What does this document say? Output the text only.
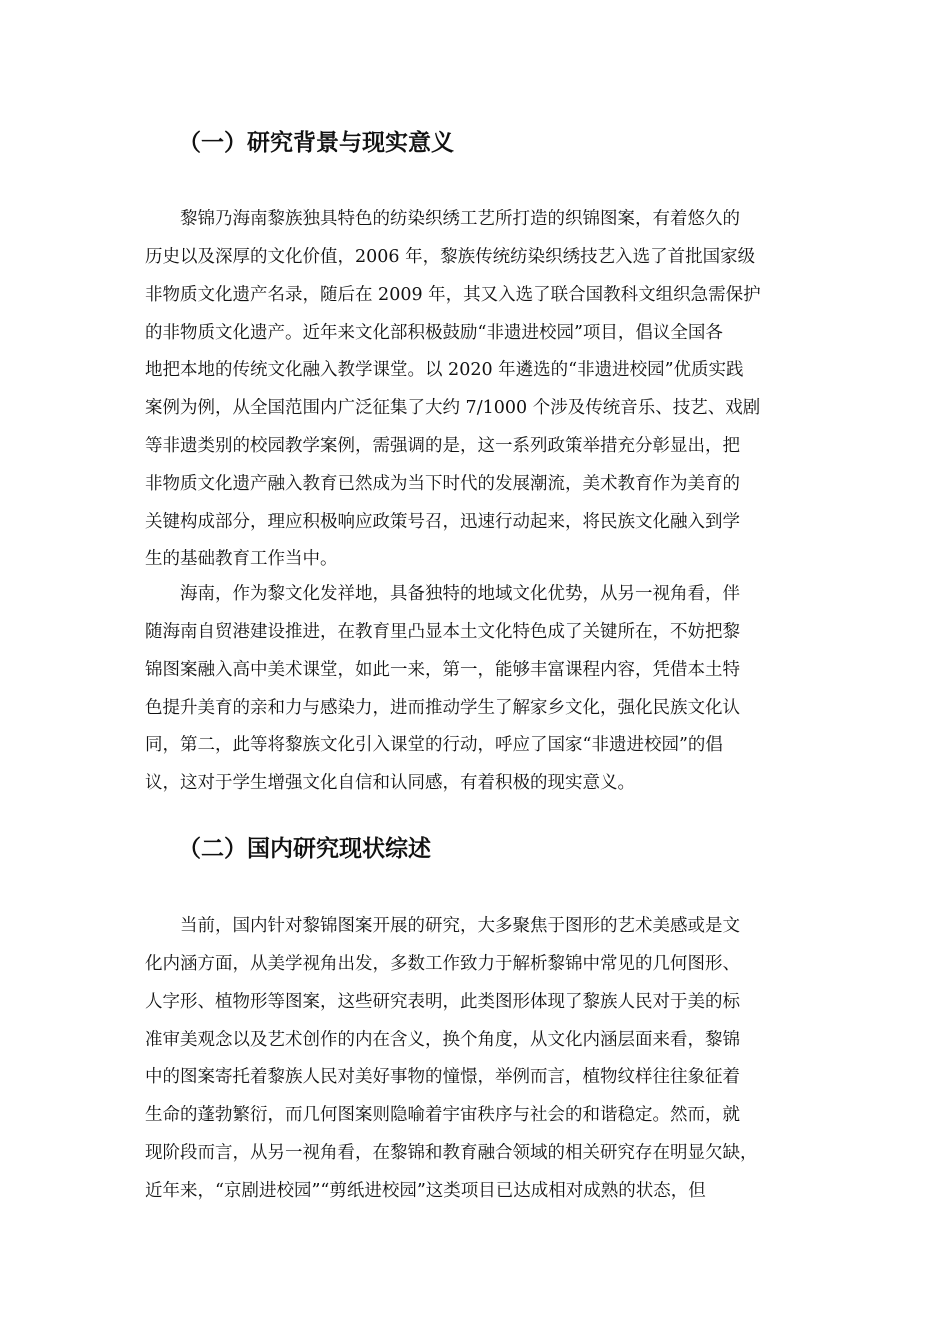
（一）研究背景与现实意义

黎锦乃海南黎族独具特色的纺染织绣工艺所打造的织锦图案，有着悠久的

历史以及深厚的文化价值，2006 年，黎族传统纺染织绣技艺入选了首批国家级

非物质文化遗产名录，随后在 2009 年，其又入选了联合国教科文组织急需保护

的非物质文化遗产。近年来文化部积极鼓励“非遗进校园”项目，倡议全国各

地把本地的传统文化融入教学课堂。以 2020 年遴选的“非遗进校园”优质实践

案例为例，从全国范围内广泛征集了大约 7/1000 个涉及传统音乐、技艺、戏剧

等非遗类别的校园教学案例，需强调的是，这一系列政策举措充分彰显出，把

非物质文化遗产融入教育已然成为当下时代的发展潮流，美术教育作为美育的

关键构成部分，理应积极响应政策号召，迅速行动起来，将民族文化融入到学

生的基础教育工作当中。

海南，作为黎文化发祥地，具备独特的地域文化优势，从另一视角看，伴

随海南自贸港建设推进，在教育里凸显本土文化特色成了关键所在，不妨把黎

锦图案融入高中美术课堂，如此一来，第一，能够丰富课程内容，凭借本土特

色提升美育的亲和力与感染力，进而推动学生了解家乡文化，强化民族文化认

同，第二，此等将黎族文化引入课堂的行动，呼应了国家“非遗进校园”的倡

议，这对于学生增强文化自信和认同感，有着积极的现实意义。

（二）国内研究现状综述

当前，国内针对黎锦图案开展的研究，大多聚焦于图形的艺术美感或是文

化内涵方面，从美学视角出发，多数工作致力于解析黎锦中常见的几何图形、

人字形、植物形等图案，这些研究表明，此类图形体现了黎族人民对于美的标

准审美观念以及艺术创作的内在含义，换个角度，从文化内涵层面来看，黎锦

中的图案寄托着黎族人民对美好事物的憧憬，举例而言，植物纹样往往象征着

生命的蓬勃繁衍，而几何图案则隐喻着宇宙秩序与社会的和谐稳定。然而，就

现阶段而言，从另一视角看，在黎锦和教育融合领域的相关研究存在明显欠缺，

近年来，“京剧进校园”“剪纸进校园”这类项目已达成相对成熟的状态，但
